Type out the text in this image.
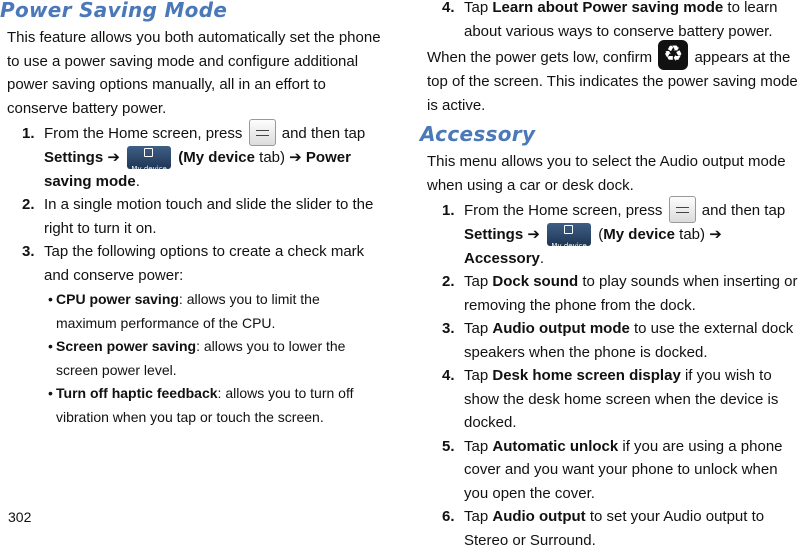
Power Saving Mode

This feature allows you both automatically set the phone to use a power saving mode and configure additional power saving options manually, all in an effort to conserve battery power.

1. From the Home screen, press	and then tap Settings ➔
My device (My device tab) ➔ Power saving mode.
2. In a single motion touch and slide the slider to the right to turn it on.
3. Tap the following options to create a check mark and conserve power:
• CPU power saving: allows you to limit the maximum performance of the CPU.
• Screen power saving: allows you to lower the screen power level.
• Turn off haptic feedback: allows you to turn off vibration when you tap or touch the screen.
4. Tap Learn about Power saving mode to learn about various ways to conserve battery power.

When the power gets low, confirm ♻ appears at the top of the screen. This indicates the power saving mode is active.

Accessory

This menu allows you to select the Audio output mode when using a car or desk dock.

1. From the Home screen, press	and then tap Settings ➔
My device (My device tab) ➔ Accessory.
2. Tap Dock sound to play sounds when inserting or removing the phone from the dock.
3. Tap Audio output mode to use the external dock speakers when the phone is docked.
4. Tap Desk home screen display if you wish to show the desk home screen when the device is docked.
5. Tap Automatic unlock if you are using a phone cover and you want your phone to unlock when you open the cover.
6. Tap Audio output to set your Audio output to Stereo or Surround.
302
